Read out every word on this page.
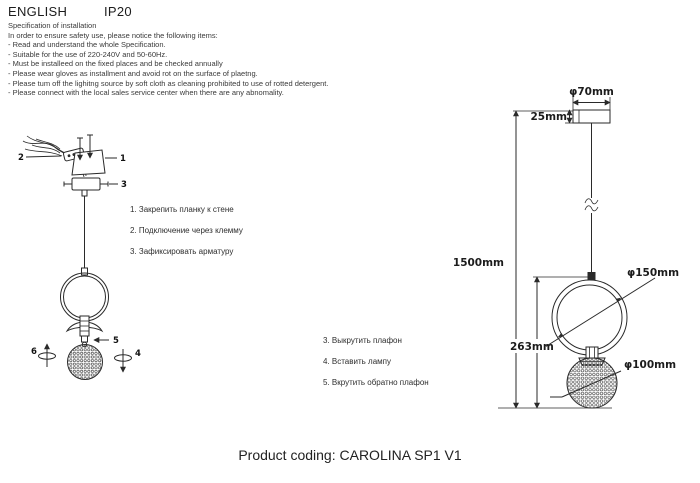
ENGLISH	IP20
Specification of installation
In order to ensure safety use, please notice the following items:
- Read and understand the whole Specification.
- Suitable for the use of 220-240V and 50-60Hz.
- Must be installeed on the fixed places and be checked annually
- Please wear gloves as installment and avoid rot on the surface of plaetng.
- Please tum off the lighitng source by soft cloth as cleaning prohibited to use of rotted detergent.
- Please connect with the local sales service center when there are any abnomality.
2	1
3
5
6	4
1. Закрепить планку к стене
2. Подключение через клемму
3. Зафиксировать арматуру
φ70mm
25mm
1500mm
263mm
φ150mm
φ100mm
3. Выкрутить плафон
4. Вставить лампу
5. Вкрутить обратно плафон
Product coding: CAROLINA SP1 V1
